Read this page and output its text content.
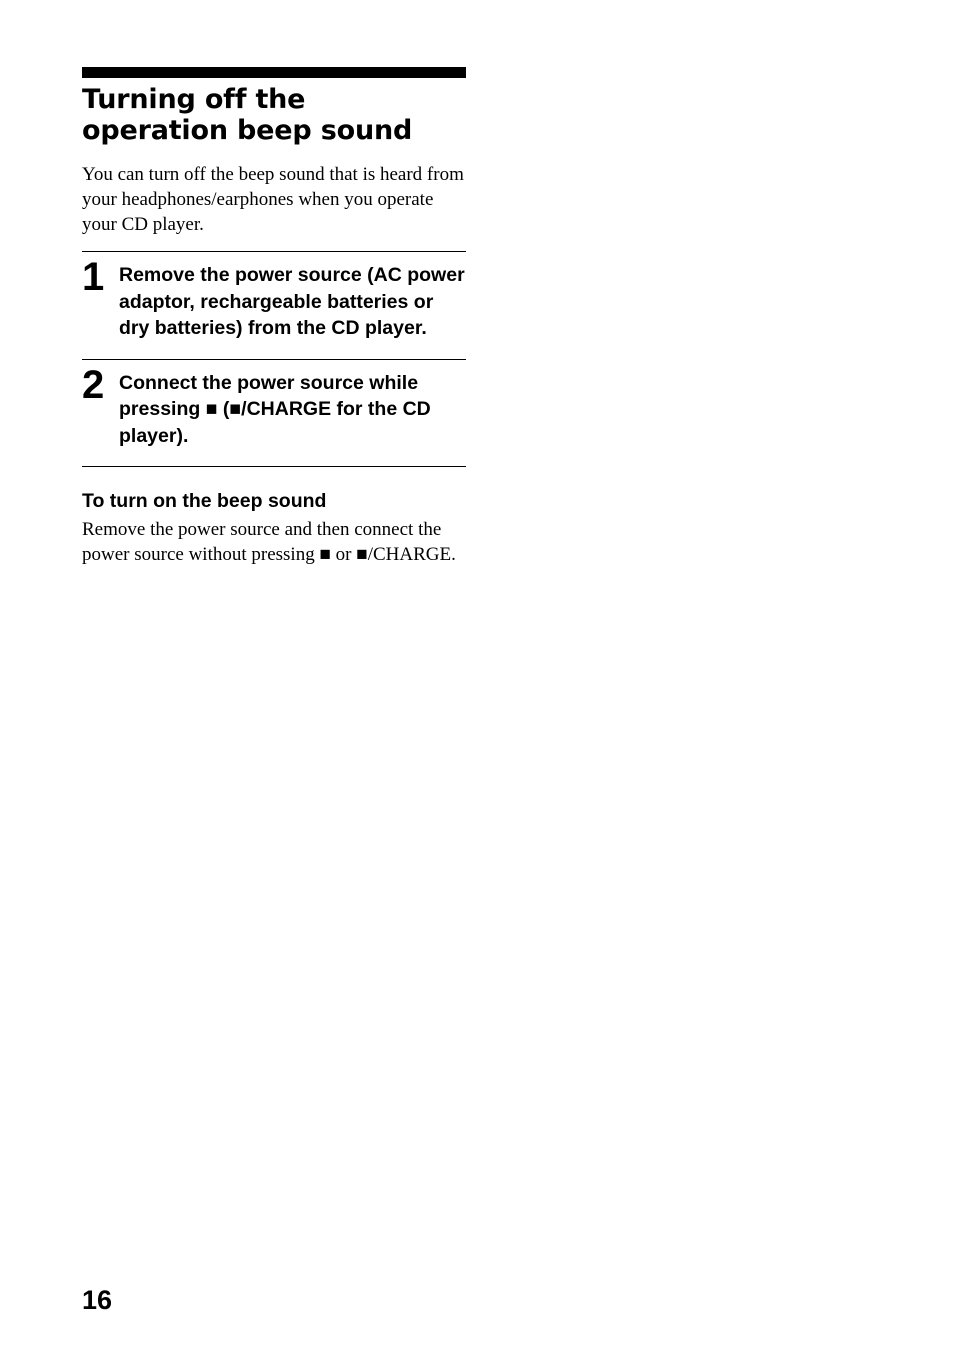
Turning off the
operation beep sound

You can turn off the beep sound that is heard from your headphones/earphones when you operate your CD player.

1 Remove the power source (AC power adaptor, rechargeable batteries or dry batteries) from the CD player.
2 Connect the power source while pressing ■ (■/CHARGE for the CD player).
To turn on the beep sound

Remove the power source and then connect the power source without pressing ■ or ■/CHARGE.

16
